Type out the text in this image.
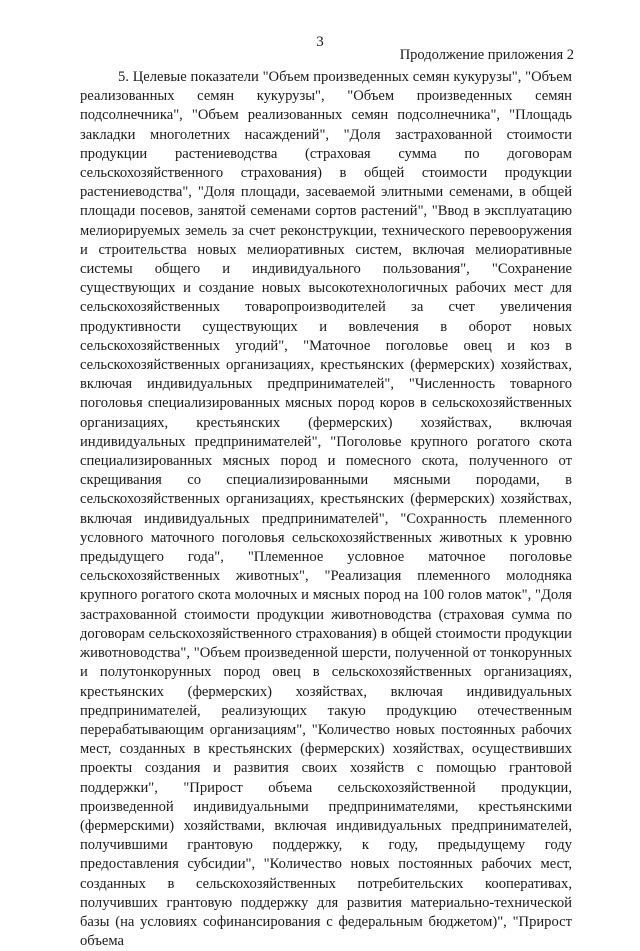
3
Продолжение приложения 2

5. Целевые показатели "Объем произведенных семян кукурузы", "Объем реализованных семян кукурузы", "Объем произведенных семян подсолнечника", "Объем реализованных семян подсолнечника", "Площадь закладки многолетних насаждений", "Доля застрахованной стоимости продукции растениеводства (страховая сумма по договорам сельскохозяйственного страхования) в общей стоимости продукции растениеводства", "Доля площади, засеваемой элитными семенами, в общей площади посевов, занятой семенами сортов растений", "Ввод в эксплуатацию мелиорируемых земель за счет реконструкции, технического перевооружения и строительства новых мелиоративных систем, включая мелиоративные системы общего и индивидуального пользования", "Сохранение существующих и создание новых высокотехнологичных рабочих мест для сельскохозяйственных товаропроизводителей за счет увеличения продуктивности существующих и вовлечения в оборот новых сельскохозяйственных угодий", "Маточное поголовье овец и коз в сельскохозяйственных организациях, крестьянских (фермерских) хозяйствах, включая индивидуальных предпринимателей", "Численность товарного поголовья специализированных мясных пород коров в сельскохозяйственных организациях, крестьянских (фермерских) хозяйствах, включая индивидуальных предпринимателей", "Поголовье крупного рогатого скота специализированных мясных пород и помесного скота, полученного от скрещивания со специализированными мясными породами, в сельскохозяйственных организациях, крестьянских (фермерских) хозяйствах, включая индивидуальных предпринимателей", "Сохранность племенного условного маточного поголовья сельскохозяйственных животных к уровню предыдущего года", "Племенное условное маточное поголовье сельскохозяйственных животных", "Реализация племенного молодняка крупного рогатого скота молочных и мясных пород на 100 голов маток", "Доля застрахованной стоимости продукции животноводства (страховая сумма по договорам сельскохозяйственного страхования) в общей стоимости продукции животноводства", "Объем произведенной шерсти, полученной от тонкорунных и полутонкорунных пород овец в сельскохозяйственных организациях, крестьянских (фермерских) хозяйствах, включая индивидуальных предпринимателей, реализующих такую продукцию отечественным перерабатывающим организациям", "Количество новых постоянных рабочих мест, созданных в крестьянских (фермерских) хозяйствах, осуществивших проекты создания и развития своих хозяйств с помощью грантовой поддержки", "Прирост объема сельскохозяйственной продукции, произведенной индивидуальными предпринимателями, крестьянскими (фермерскими) хозяйствами, включая индивидуальных предпринимателей, получившими грантовую поддержку, к году, предыдущему году предоставления субсидии", "Количество новых постоянных рабочих мест, созданных в сельскохозяйственных потребительских кооперативах, получивших грантовую поддержку для развития материально-технической базы (на условиях софинансирования с федеральным бюджетом)", "Прирост объема
